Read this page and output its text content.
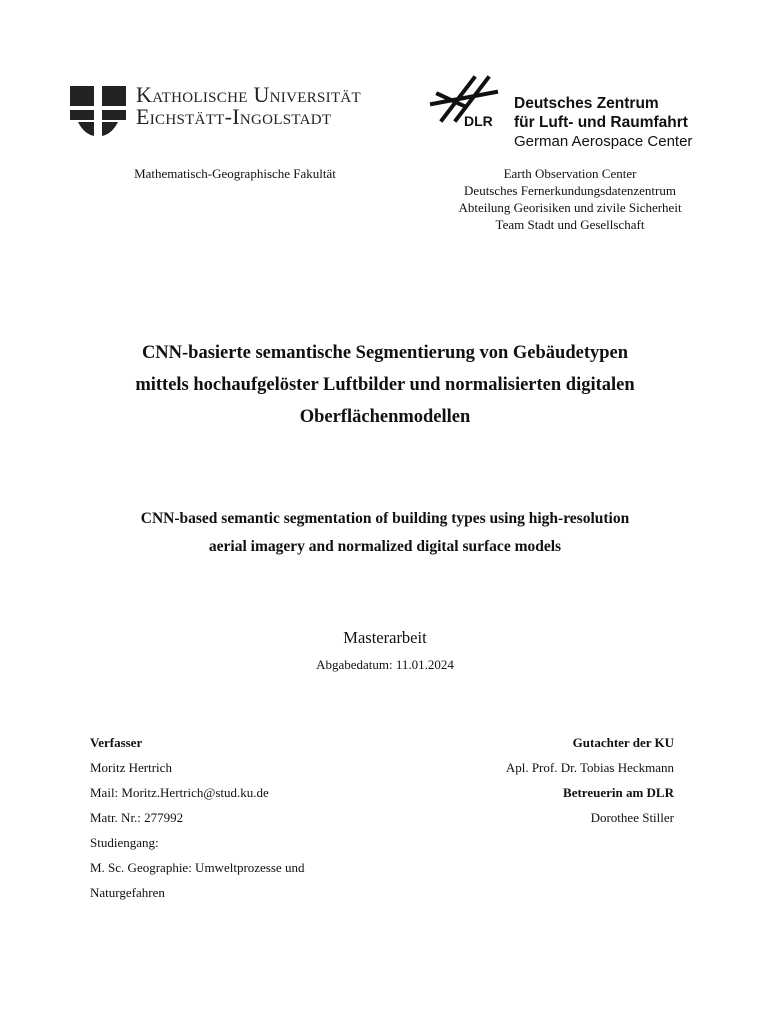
Katholische Universität
Eichstätt-Ingolstadt	DLR
Deutsches Zentrum
für Luft- und Raumfahrt
German Aerospace Center
Mathematisch-Geographische Fakultät	Earth Observation Center
Deutsches Fernerkundungsdatenzentrum
Abteilung Georisiken und zivile Sicherheit
Team Stadt und Gesellschaft
CNN-basierte semantische Segmentierung von Gebäudetypen
mittels hochaufgelöster Luftbilder und normalisierten digitalen
Oberflächenmodellen
CNN-based semantic segmentation of building types using high-resolution
aerial imagery and normalized digital surface models
Masterarbeit
Abgabedatum: 11.01.2024
Verfasser
Moritz Hertrich
Mail: Moritz.Hertrich@stud.ku.de
Matr. Nr.: 277992
Studiengang:
M. Sc. Geographie: Umweltprozesse und
Naturgefahren
Gutachter der KU
Apl. Prof. Dr. Tobias Heckmann
Betreuerin am DLR
Dorothee Stiller
